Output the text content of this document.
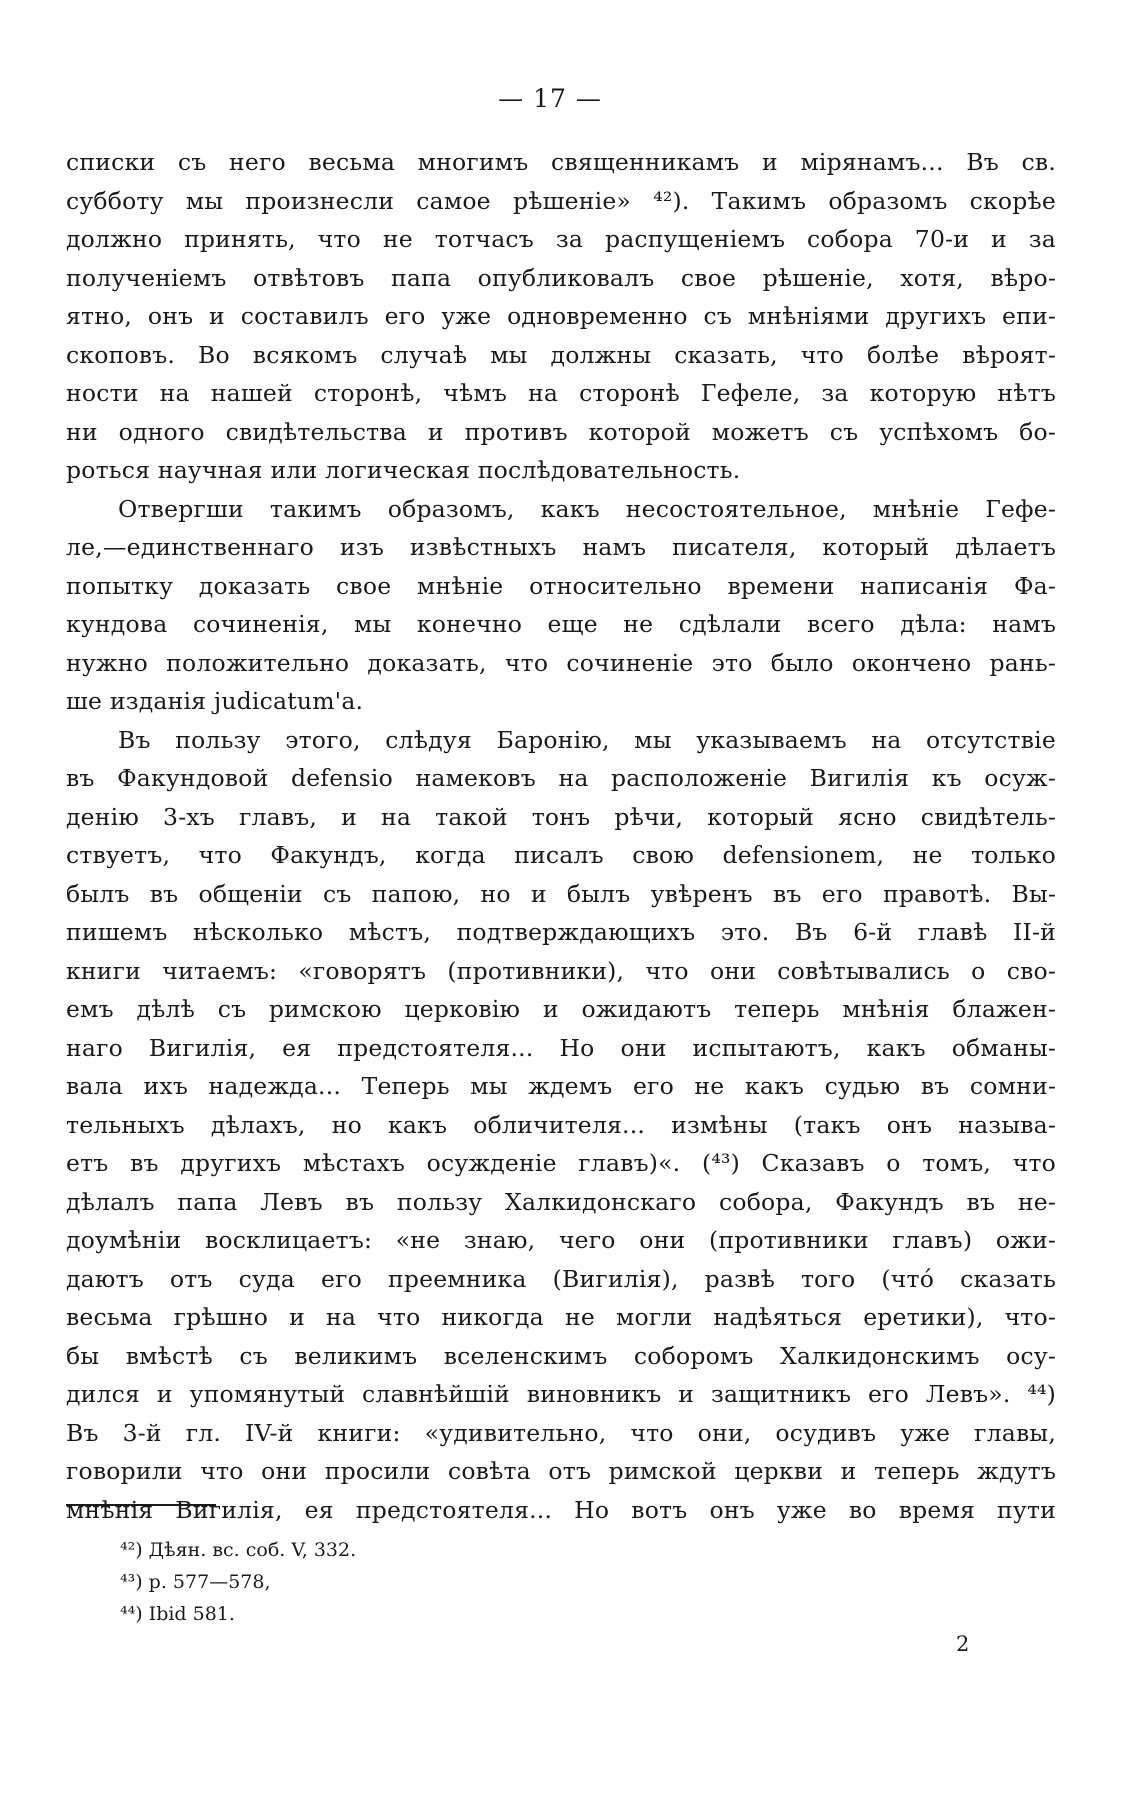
— 17 —
списки съ него весьма многимъ священникамъ и мірянамъ... Въ св.
субботу мы произнесли самое рѣшеніе» ⁴²). Такимъ образомъ скорѣе
должно принять, что не тотчасъ за распущеніемъ собора 70-и и за
полученіемъ отвѣтовъ папа опубликовалъ свое рѣшеніе, хотя, вѣро-
ятно, онъ и составилъ его уже одновременно съ мнѣніями другихъ епи-
скоповъ. Во всякомъ случаѣ мы должны сказать, что болѣе вѣроят-
ности на нашей сторонѣ, чѣмъ на сторонѣ Гефеле, за которую нѣтъ
ни одного свидѣтельства и противъ которой можетъ съ успѣхомъ бо-
роться научная или логическая послѣдовательность.
Отвергши такимъ образомъ, какъ несостоятельное, мнѣніе Гефе-
ле,—единственнаго изъ извѣстныхъ намъ писателя, который дѣлаетъ
попытку доказать свое мнѣніе относительно времени написанія Фа-
кундова сочиненія, мы конечно еще не сдѣлали всего дѣла: намъ
нужно положительно доказать, что сочиненіе это было окончено рань-
ше изданія judicatum'а.
Въ пользу этого, слѣдуя Баронію, мы указываемъ на отсутствіе
въ Факундовой defensio намековъ на расположеніе Вигилія къ осуж-
денію 3-хъ главъ, и на такой тонъ рѣчи, который ясно свидѣтель-
ствуетъ, что Факундъ, когда писалъ свою defensionem, не только
былъ въ общеніи съ папою, но и былъ увѣренъ въ его правотѣ. Вы-
пишемъ нѣсколько мѣстъ, подтверждающихъ это. Въ 6-й главѣ II-й
книги читаемъ: «говорятъ (противники), что они совѣтывались о сво-
емъ дѣлѣ съ римскою церковію и ожидаютъ теперь мнѣнія блажен-
наго Вигилія, ея предстоятеля... Но они испытаютъ, какъ обманы-
вала ихъ надежда... Теперь мы ждемъ его не какъ судью въ сомни-
тельныхъ дѣлахъ, но какъ обличителя... измѣны (такъ онъ называ-
етъ въ другихъ мѣстахъ осужденіе главъ)«. (⁴³) Сказавъ о томъ, что
дѣлалъ папа Левъ въ пользу Халкидонскаго собора, Факундъ въ не-
доумѣніи восклицаетъ: «не знаю, чего они (противники главъ) ожи-
даютъ отъ суда его преемника (Вигилія), развѣ того (что́ сказать
весьма грѣшно и на что никогда не могли надѣяться еретики), что-
бы вмѣстѣ съ великимъ вселенскимъ соборомъ Халкидонскимъ осу-
дился и упомянутый славнѣйшій виновникъ и защитникъ его Левъ». ⁴⁴)
Въ 3-й гл. IV-й книги: «удивительно, что они, осудивъ уже главы,
говорили что они просили совѣта отъ римской церкви и теперь ждутъ
мнѣнія Вигилія, ея предстоятеля... Но вотъ онъ уже во время пути
⁴²) Дѣян. вс. соб. V, 332.
⁴³) p. 577—578,
⁴⁴) Ibid 581.
2
